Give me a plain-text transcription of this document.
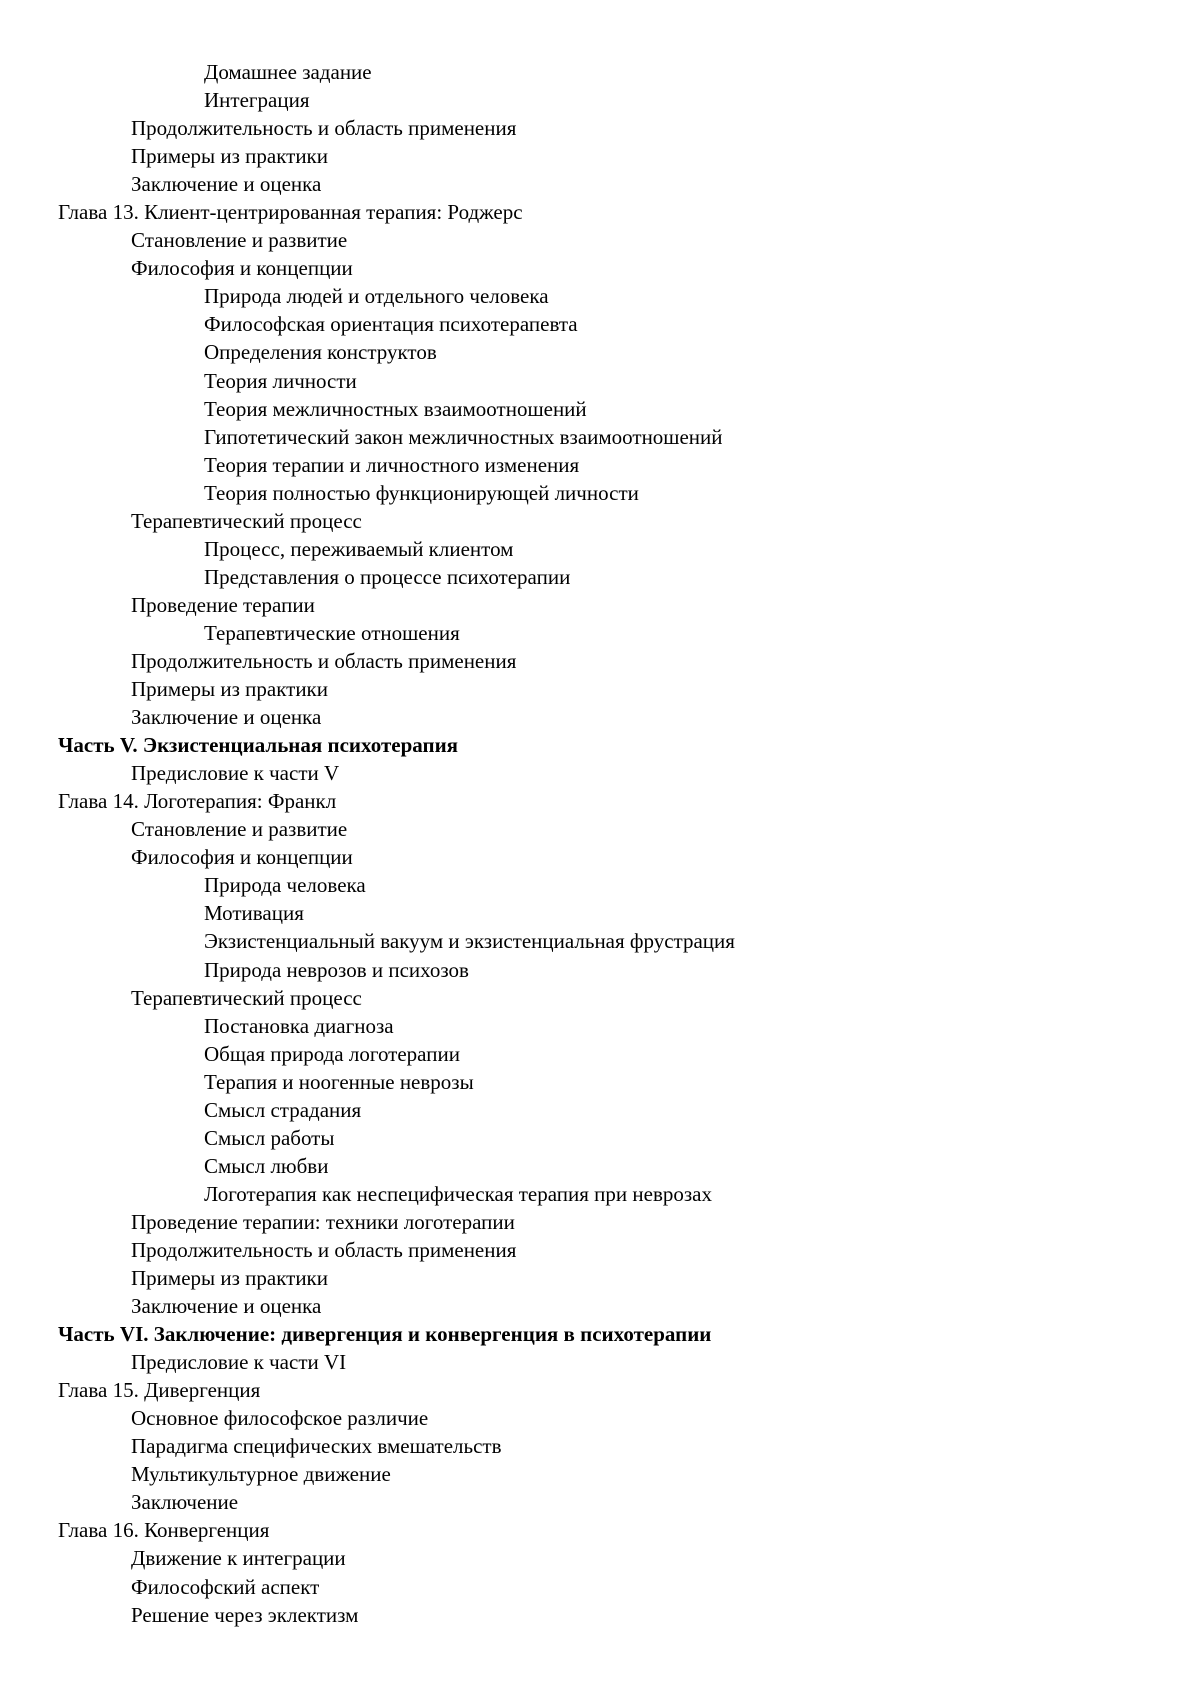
Домашнее задание
Интеграция
Продолжительность и область применения
Примеры из практики
Заключение и оценка
Глава 13. Клиент-центрированная терапия: Роджерс
Становление и развитие
Философия и концепции
Природа людей и отдельного человека
Философская ориентация психотерапевта
Определения конструктов
Теория личности
Теория межличностных взаимоотношений
Гипотетический закон межличностных взаимоотношений
Теория терапии и личностного изменения
Теория полностью функционирующей личности
Терапевтический процесс
Процесс, переживаемый клиентом
Представления о процессе психотерапии
Проведение терапии
Терапевтические отношения
Продолжительность и область применения
Примеры из практики
Заключение и оценка
Часть V. Экзистенциальная психотерапия
Предисловие к части V
Глава 14. Логотерапия: Франкл
Становление и развитие
Философия и концепции
Природа человека
Мотивация
Экзистенциальный вакуум и экзистенциальная фрустрация
Природа неврозов и психозов
Терапевтический процесс
Постановка диагноза
Общая природа логотерапии
Терапия и ноогенные неврозы
Смысл страдания
Смысл работы
Смысл любви
Логотерапия как неспецифическая терапия при неврозах
Проведение терапии: техники логотерапии
Продолжительность и область применения
Примеры из практики
Заключение и оценка
Часть VI. Заключение: дивергенция и конвергенция в психотерапии
Предисловие к части VI
Глава 15. Дивергенция
Основное философское различие
Парадигма специфических вмешательств
Мультикультурное движение
Заключение
Глава 16. Конвергенция
Движение к интеграции
Философский аспект
Решение через эклектизм
